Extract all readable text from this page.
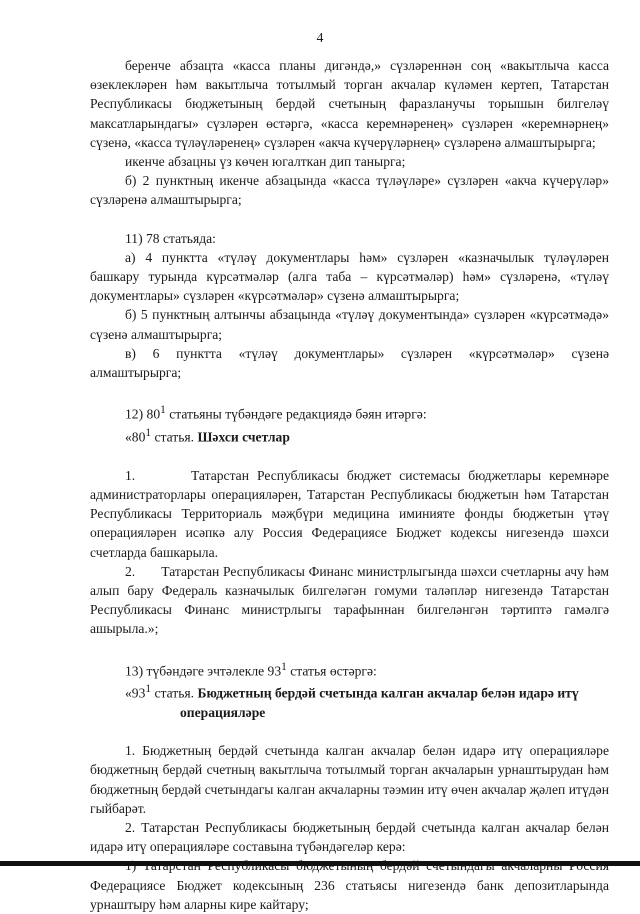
4

беренче абзацта «касса планы дигәндә,» сүзләреннән соң «вакытлыча касса өзеклекләрен һәм вакытлыча тотылмый торган акчалар күләмен кертеп, Татарстан Республикасы бюджетының бердәй счетының фаразланучы торышын билгеләү максатларындагы» сүзләрен өстәргә, «касса керемнәренең» сүзләрен «керемнәрнең» сүзенә, «касса түләүләренең» сүзләрен «акча күчерүләрнең» сүзләренә алмаштырырга;

икенче абзацны үз көчен югалткан дип танырга;

б) 2 пунктның икенче абзацында «касса түләүләре» сүзләрен «акча күчерүләр» сүзләренә алмаштырырга;

11) 78 статьяда:

а) 4 пунктта «түләү документлары һәм» сүзләрен «казначылык түләүләрен башкару турында күрсәтмәләр (алга таба – күрсәтмәләр) һәм» сүзләренә, «түләү документлары» сүзләрен «күрсәтмәләр» сүзенә алмаштырырга;

б) 5 пунктның алтынчы абзацында «түләү документында» сүзләрен «күрсәтмәдә» сүзенә алмаштырырга;

в) 6 пунктта «түләү документлары» сүзләрен «күрсәтмәләр» сүзенә алмаштырырга;

12) $80^1$ статьяны түбәндәге редакциядә бәян итәргә:

«$80^1$ статья. Шәхси счетлар

1.       Татарстан Республикасы бюджет системасы бюджетлары керемнәре администраторлары операцияләрен, Татарстан Республикасы бюджетын һәм Татарстан Республикасы Территориаль мәҗбүри медицина иминияте фонды бюджетын үтәү операцияләрен исәпкә алу Россия Федерациясе Бюджет кодексы нигезендә шәхси счетларда башкарыла.

2.       Татарстан Республикасы Финанс министрлыгында шәхси счетларны ачу һәм алып бару Федераль казначылык билгеләгән гомуми таләпләр нигезендә Татарстан Республикасы Финанс министрлыгы тарафыннан билгеләнгән тәртиптә гамәлгә ашырыла.»;

13) түбәндәге эчтәлекле $93^1$ статья өстәргә:

«$93^1$ статья. Бюджетның бердәй счетында калган акчалар белән идарә итү операцияләре

1. Бюджетның бердәй счетында калган акчалар белән идарә итү операцияләре бюджетның бердәй счетның вакытлыча тотылмый торган акчаларын урнаштырудан һәм бюджетның бердәй счетындагы калган акчаларны тәэмин итү өчен акчалар җәлеп итүдән гыйбарәт.

2. Татарстан Республикасы бюджетының бердәй счетында калган акчалар белән идарә итү операцияләре составына түбәндәгеләр керә:

Федерациясе Бюджет кодексының 236 статьясы нигезендә банк депозитларында урнаштыру һәм аларны кире кайтару;
